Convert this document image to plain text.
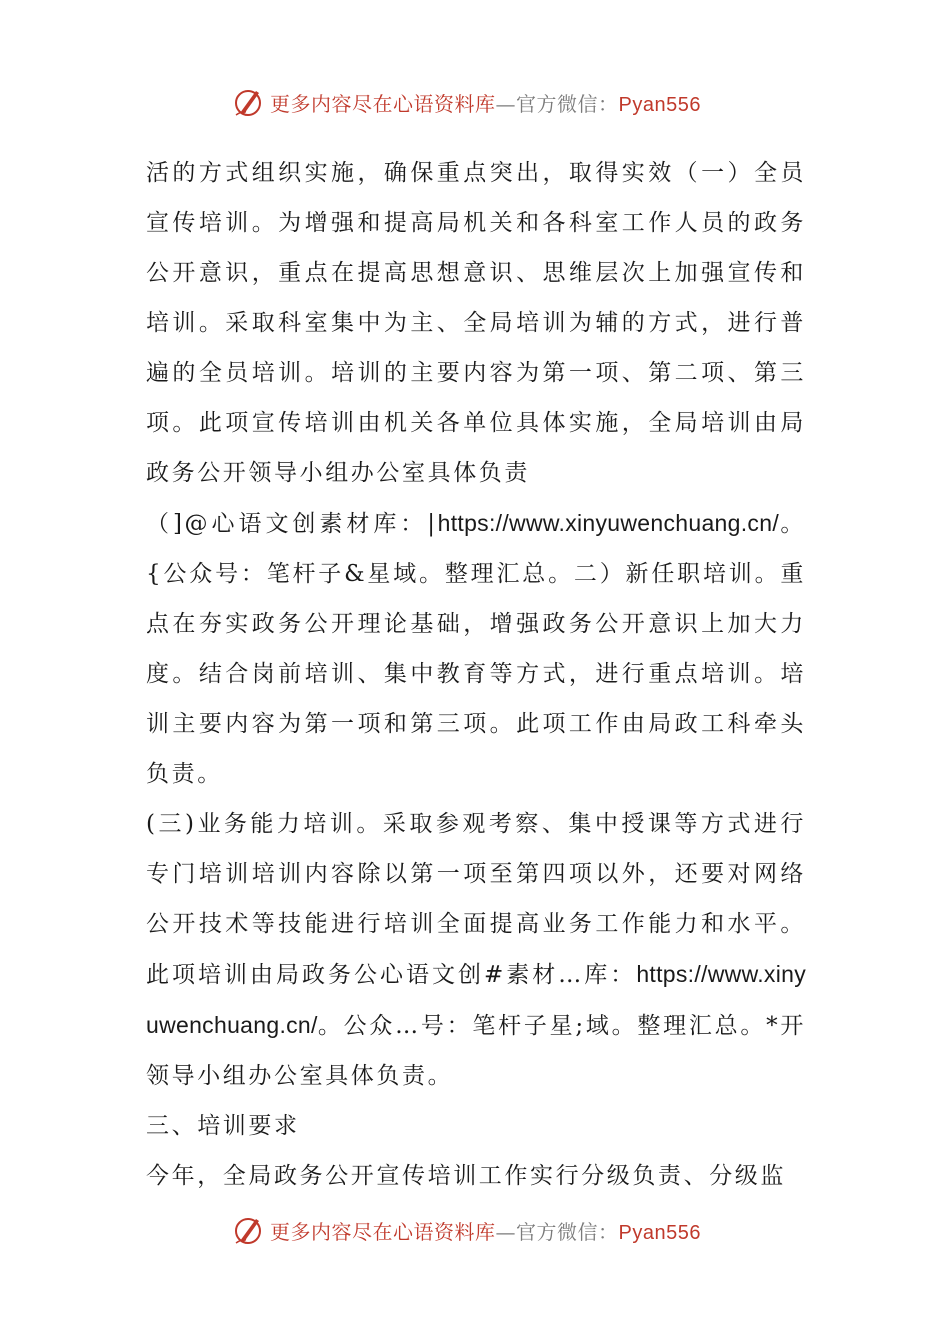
更多内容尽在心语资料库—官方微信：Pyan556

活的方式组织实施，确保重点突出，取得实效（一）全员宣传培训。为增强和提高局机关和各科室工作人员的政务公开意识，重点在提高思想意识、思维层次上加强宣传和培训。采取科室集中为主、全局培训为辅的方式，进行普遍的全员培训。培训的主要内容为第一项、第二项、第三项。此项宣传培训由机关各单位具体实施，全局培训由局政务公开领导小组办公室具体负责

（]@心语文创素材库：|https://www.xinyuwenchuang.cn/。{公众号：笔杆子&星域。整理汇总。二）新任职培训。重点在夯实政务公开理论基础，增强政务公开意识上加大力度。结合岗前培训、集中教育等方式，进行重点培训。培训主要内容为第一项和第三项。此项工作由局政工科牵头负责。

(三)业务能力培训。采取参观考察、集中授课等方式进行专门培训培训内容除以第一项至第四项以外，还要对网络公开技术等技能进行培训全面提高业务工作能力和水平。此项培训由局政务公心语文创#素材…库：https://www.xinyuwenchuang.cn/。公众…号：笔杆子星;域。整理汇总。*开领导小组办公室具体负责。

三、培训要求

今年，全局政务公开宣传培训工作实行分级负责、分级监

更多内容尽在心语资料库—官方微信：Pyan556
